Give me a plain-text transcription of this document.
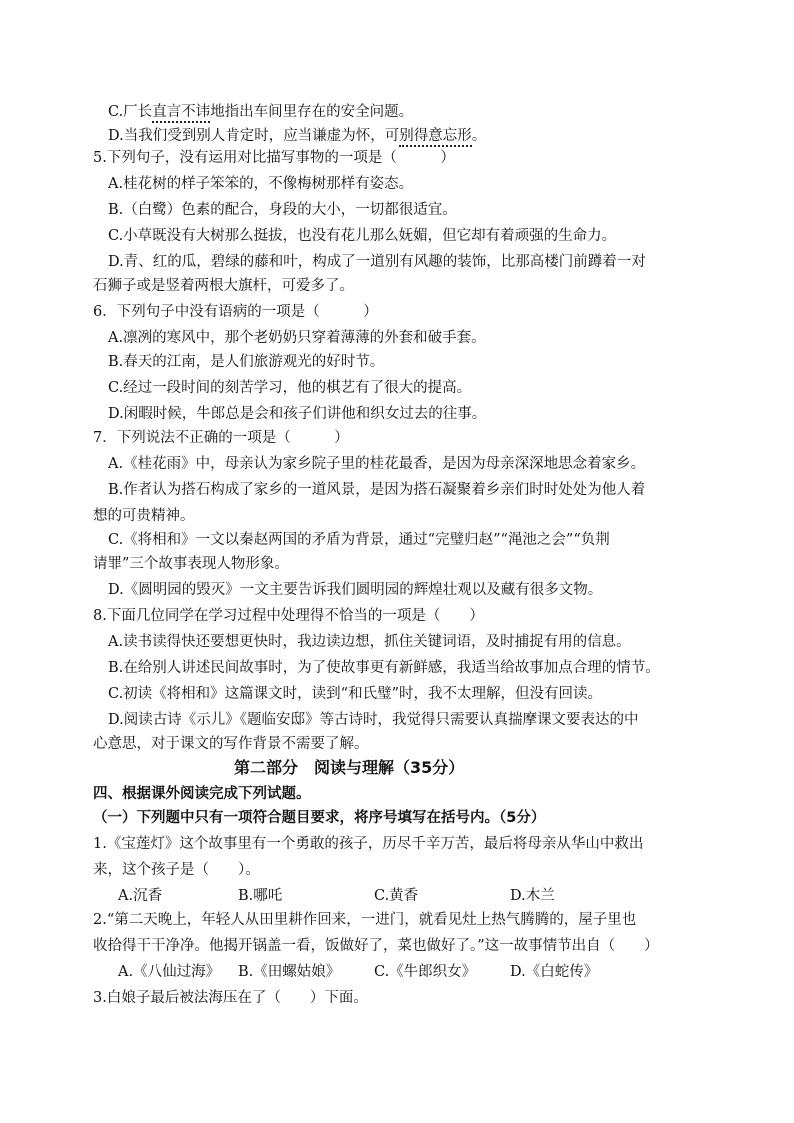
C.厂长直言不讳地指出车间里存在的安全问题。
D.当我们受到别人肯定时，应当谦虚为怀，可别得意忘形。
5.下列句子，没有运用对比描写事物的一项是（　　　）
A.桂花树的样子笨笨的，不像梅树那样有姿态。
B.（白鹭）色素的配合，身段的大小，一切都很适宜。
C.小草既没有大树那么挺拔，也没有花儿那么妩媚，但它却有着顽强的生命力。
D.青、红的瓜，碧绿的藤和叶，构成了一道别有风趣的装饰，比那高楼门前蹲着一对
石狮子或是竖着两根大旗杆，可爱多了。
6．下列句子中没有语病的一项是（　　　）
A.凛冽的寒风中，那个老奶奶只穿着薄薄的外套和破手套。
B.春天的江南，是人们旅游观光的好时节。
C.经过一段时间的刻苦学习，他的棋艺有了很大的提高。
D.闲暇时候，牛郎总是会和孩子们讲他和织女过去的往事。
7．下列说法不正确的一项是（　　　）
A.《桂花雨》中，母亲认为家乡院子里的桂花最香，是因为母亲深深地思念着家乡。
B.作者认为搭石构成了家乡的一道风景，是因为搭石凝聚着乡亲们时时处处为他人着
想的可贵精神。
C.《将相和》一文以秦赵两国的矛盾为背景，通过“完璧归赵”“渑池之会”“负荆
请罪”三个故事表现人物形象。
D.《圆明园的毁灭》一文主要告诉我们圆明园的辉煌壮观以及藏有很多文物。
8.下面几位同学在学习过程中处理得不恰当的一项是（　　）
A.读书读得快还要想更快时，我边读边想，抓住关键词语，及时捕捉有用的信息。
B.在给别人讲述民间故事时，为了使故事更有新鲜感，我适当给故事加点合理的情节。
C.初读《将相和》这篇课文时，读到“和氏璧”时，我不太理解，但没有回读。
D.阅读古诗《示儿》《题临安邸》等古诗时，我觉得只需要认真揣摩课文要表达的中
心意思，对于课文的写作背景不需要了解。
第二部分　阅读与理解（35分）
四、根据课外阅读完成下列试题。
（一）下列题中只有一项符合题目要求，将序号填写在括号内。（5分）
1.《宝莲灯》这个故事里有一个勇敢的孩子，历尽千辛万苦，最后将母亲从华山中救出
来，这个孩子是（　　）。
A.沉香	B.哪吒	C.黄香	D.木兰
2.“第二天晚上，年轻人从田里耕作回来，一进门，就看见灶上热气腾腾的，屋子里也
收拾得干干净净。他揭开锅盖一看，饭做好了，菜也做好了。”这一故事情节出自（　　）
A.《八仙过海》 B.《田螺姑娘》 C.《牛郎织女》 D.《白蛇传》
3.白娘子最后被法海压在了（　　）下面。
